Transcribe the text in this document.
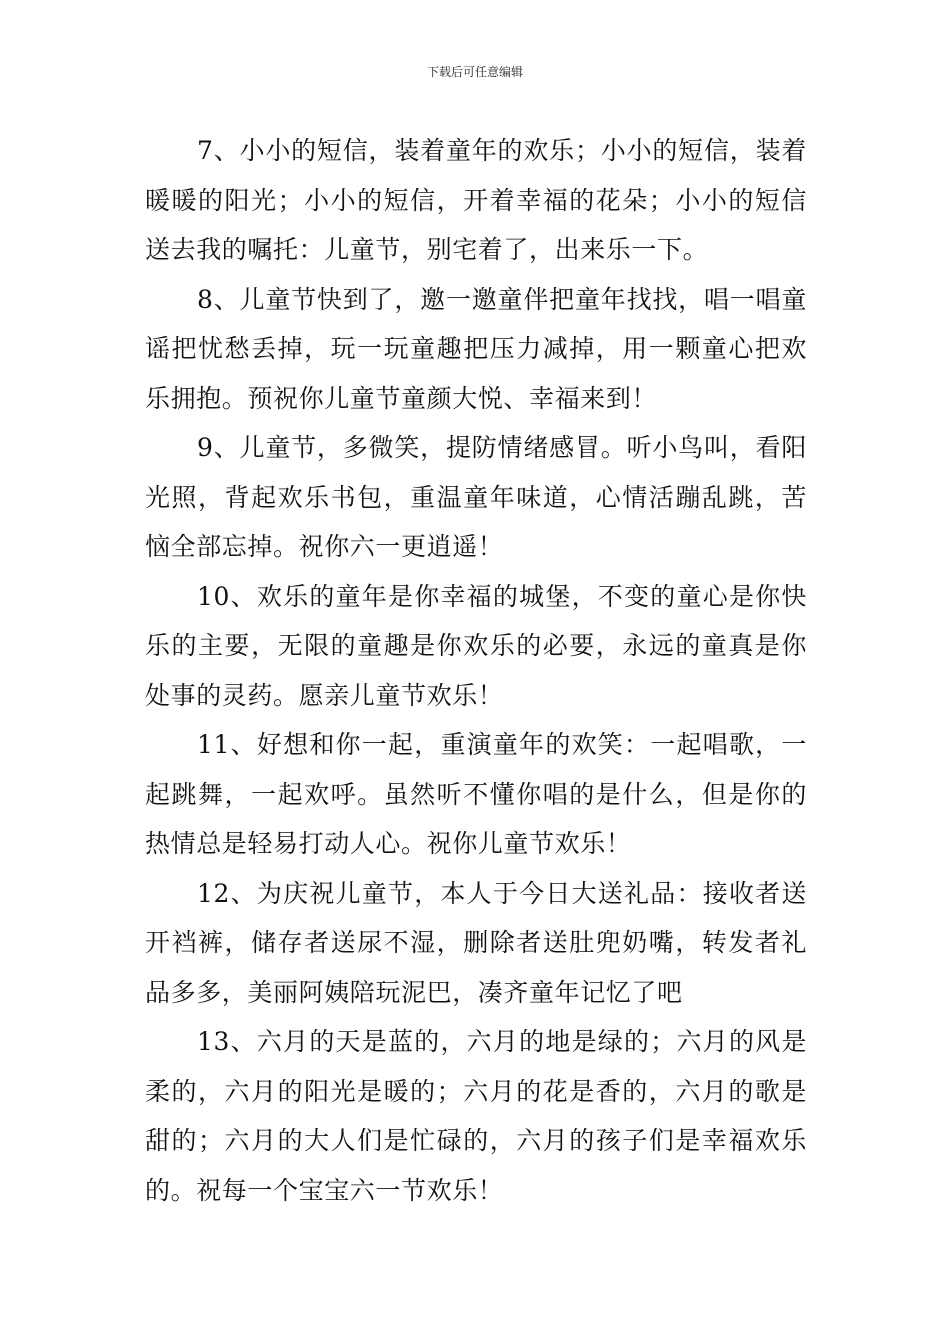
下载后可任意编辑

7、小小的短信，装着童年的欢乐；小小的短信，装着暖暖的阳光；小小的短信，开着幸福的花朵；小小的短信送去我的嘱托：儿童节，别宅着了，出来乐一下。

8、儿童节快到了，邀一邀童伴把童年找找，唱一唱童谣把忧愁丢掉，玩一玩童趣把压力减掉，用一颗童心把欢乐拥抱。预祝你儿童节童颜大悦、幸福来到！

9、儿童节，多微笑，提防情绪感冒。听小鸟叫，看阳光照，背起欢乐书包，重温童年味道，心情活蹦乱跳，苦恼全部忘掉。祝你六一更逍遥！

10、欢乐的童年是你幸福的城堡，不变的童心是你快乐的主要，无限的童趣是你欢乐的必要，永远的童真是你处事的灵药。愿亲儿童节欢乐！

11、好想和你一起，重演童年的欢笑：一起唱歌，一起跳舞，一起欢呼。虽然听不懂你唱的是什么，但是你的热情总是轻易打动人心。祝你儿童节欢乐！

12、为庆祝儿童节，本人于今日大送礼品：接收者送开裆裤，储存者送尿不湿，删除者送肚兜奶嘴，转发者礼品多多，美丽阿姨陪玩泥巴，凑齐童年记忆了吧

13、六月的天是蓝的，六月的地是绿的；六月的风是柔的，六月的阳光是暖的；六月的花是香的，六月的歌是甜的；六月的大人们是忙碌的，六月的孩子们是幸福欢乐的。祝每一个宝宝六一节欢乐！
